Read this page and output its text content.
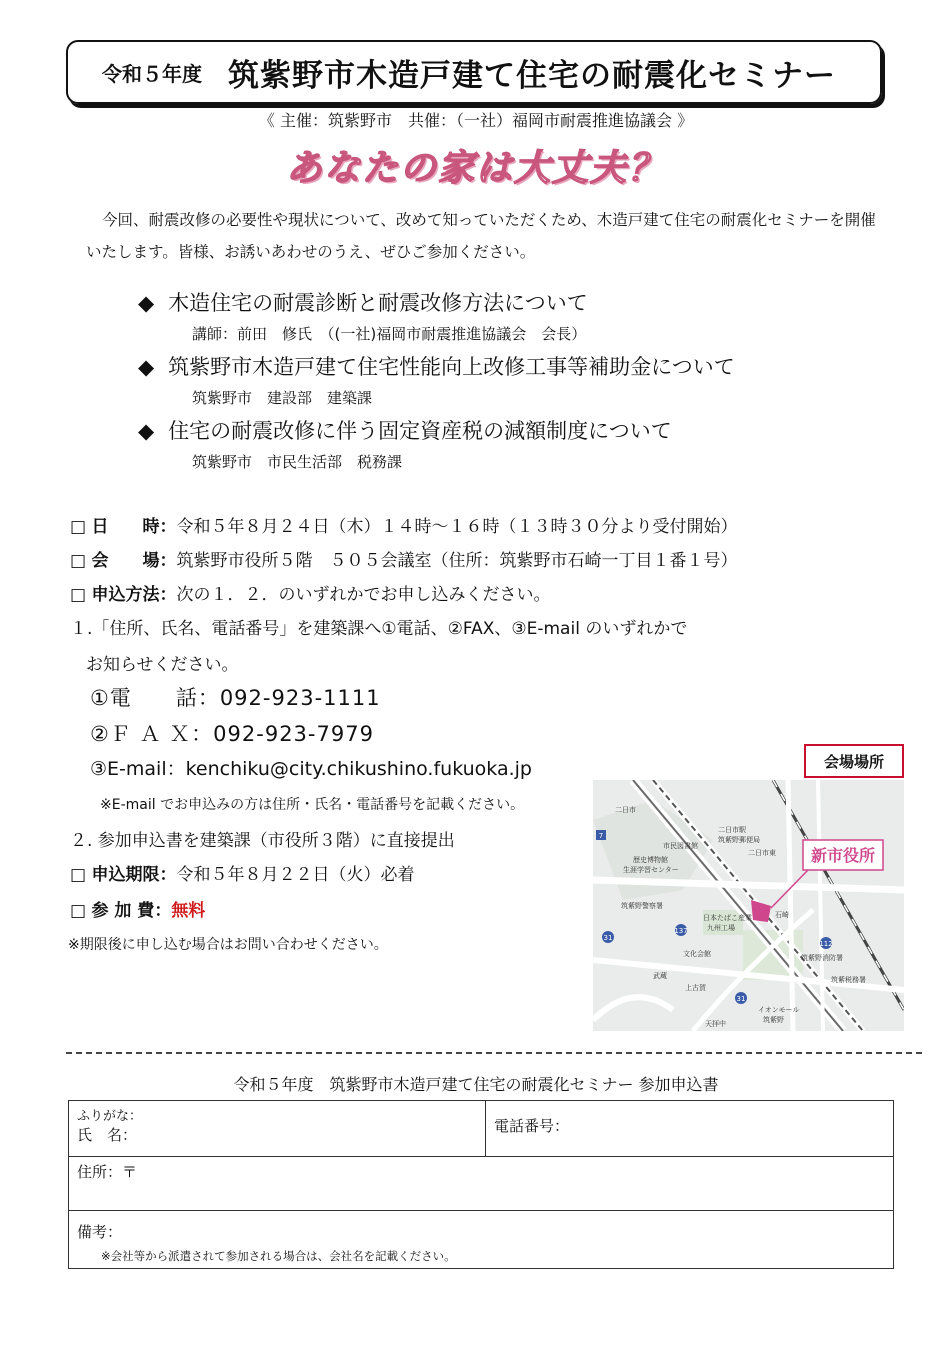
令和５年度 筑紫野市木造戸建て住宅の耐震化セミナー
《 主催：筑紫野市　共催：（一社）福岡市耐震推進協議会 》
あなたの家は大丈夫？
今回、耐震改修の必要性や現状について、改めて知っていただくため、木造戸建て住宅の耐震化セミナーを開催いたします。皆様、お誘いあわせのうえ、ぜひご参加ください。
◆ 木造住宅の耐震診断と耐震改修方法について
講師：前田　修氏　（(一社)福岡市耐震推進協議会　会長）
◆ 筑紫野市木造戸建て住宅性能向上改修工事等補助金について
筑紫野市　建設部　建築課
◆ 住宅の耐震改修に伴う固定資産税の減額制度について
筑紫野市　市民生活部　税務課
□ 日　　時：令和５年８月２４日（木）１４時～１６時（１３時３０分より受付開始）
□ 会　　場：筑紫野市役所５階　５０５会議室（住所：筑紫野市石崎一丁目１番１号）
□ 申込方法：次の１．２．のいずれかでお申し込みください。
１.「住所、氏名、電話番号」を建築課へ①電話、②FAX、③E-mail のいずれかで
お知らせください。
①電　　話：092-923-1111
②Ｆ Ａ Ｘ：092-923-7979
③E-mail：kenchiku@city.chikushino.fukuoka.jp
※E-mail でお申込みの方は住所・氏名・電話番号を記載ください。
２. 参加申込書を建築課（市役所３階）に直接提出
□ 申込期限：令和５年８月２２日（火）必着
□ 参 加 費：無料
※期限後に申し込む場合はお問い合わせください。
会場場所
新市役所
二日市
二日市駅
筑紫野郵便局
二日市東
市民図書館
歴史博物館
生涯学習センター
筑紫野警察署
日本たばこ産業
九州工場
文化会館	筑紫野消防署
筑紫税務署
イオンモール
筑紫野
天拝中
石崎
武蔵
上古賀
7
31
137
112
31
令和５年度　筑紫野市木造戸建て住宅の耐震化セミナー 参加申込書
ふりがな：
氏　名：	電話番号：
住所：〒

備考：
※会社等から派遣されて参加される場合は、会社名を記載ください。
